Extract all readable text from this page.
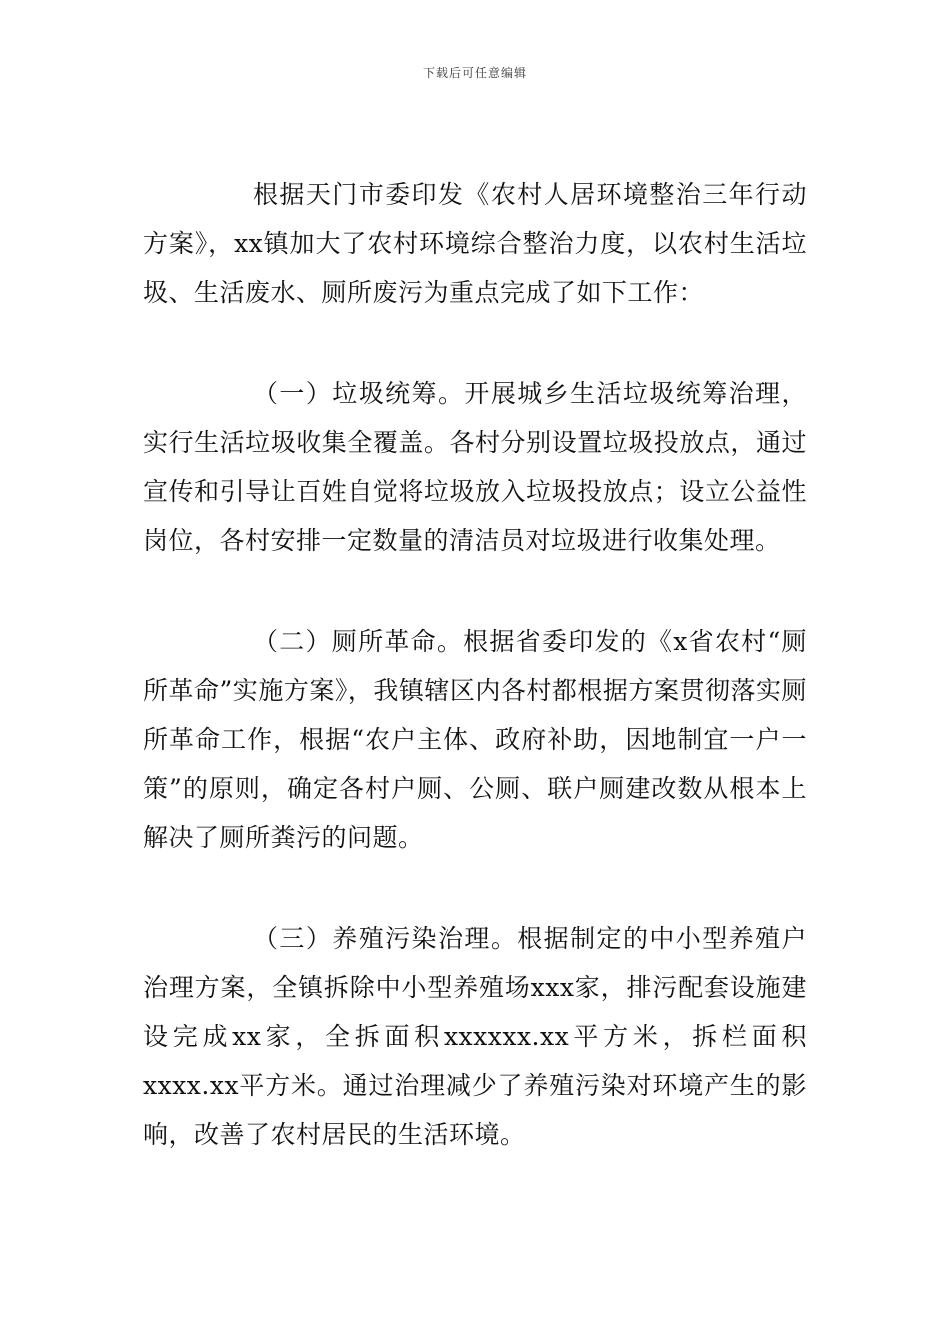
下载后可任意编辑

根据天门市委印发《农村人居环境整治三年行动方案》，xx镇加大了农村环境综合整治力度，以农村生活垃圾、生活废水、厕所废污为重点完成了如下工作：

（一）垃圾统筹。开展城乡生活垃圾统筹治理，实行生活垃圾收集全覆盖。各村分别设置垃圾投放点，通过宣传和引导让百姓自觉将垃圾放入垃圾投放点；设立公益性岗位，各村安排一定数量的清洁员对垃圾进行收集处理。

（二）厕所革命。根据省委印发的《x省农村“厕所革命”实施方案》，我镇辖区内各村都根据方案贯彻落实厕所革命工作，根据“农户主体、政府补助，因地制宜一户一策”的原则，确定各村户厕、公厕、联户厕建改数从根本上解决了厕所粪污的问题。

（三）养殖污染治理。根据制定的中小型养殖户治理方案，全镇拆除中小型养殖场xxx家，排污配套设施建设完成xx家，全拆面积xxxxxx.xx平方米，拆栏面积xxxx.xx平方米。通过治理减少了养殖污染对环境产生的影响，改善了农村居民的生活环境。
